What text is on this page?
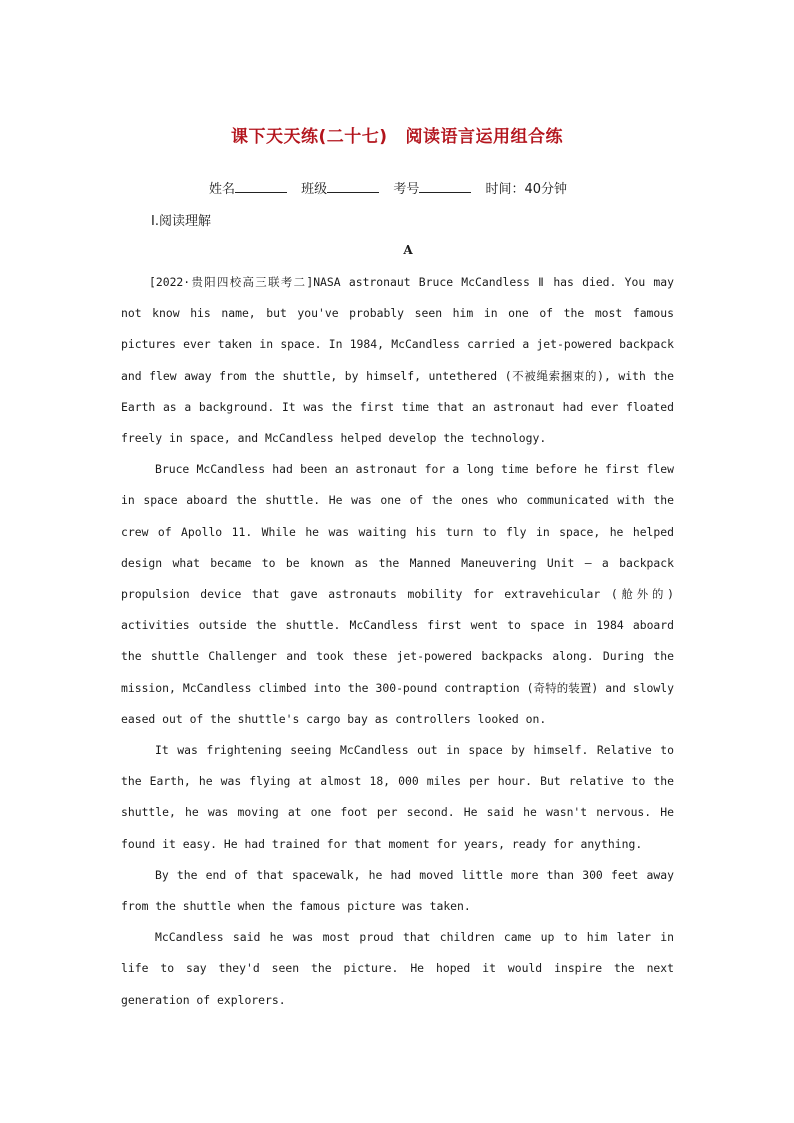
课下天天练(二十七) 阅读语言运用组合练
姓名	班级	考号	时间：40分钟
Ⅰ.阅读理解
A

[2022·贵阳四校高三联考二]NASA astronaut Bruce McCandless Ⅱ has died. You may not know his name, but you've probably seen him in one of the most famous pictures ever taken in space. In 1984, McCandless carried a jet-powered backpack and flew away from the shuttle, by himself, untethered (不被绳索捆束的), with the Earth as a background. It was the first time that an astronaut had ever floated freely in space, and McCandless helped develop the technology.

Bruce McCandless had been an astronaut for a long time before he first flew in space aboard the shuttle. He was one of the ones who communicated with the crew of Apollo 11. While he was waiting his turn to fly in space, he helped design what became to be known as the Manned Maneuvering Unit — a backpack propulsion device that gave astronauts mobility for extravehicular (舱外的) activities outside the shuttle. McCandless first went to space in 1984 aboard the shuttle Challenger and took these jet-powered backpacks along. During the mission, McCandless climbed into the 300-pound contraption (奇特的装置) and slowly eased out of the shuttle's cargo bay as controllers looked on.

It was frightening seeing McCandless out in space by himself. Relative to the Earth, he was flying at almost 18, 000 miles per hour. But relative to the shuttle, he was moving at one foot per second. He said he wasn't nervous. He found it easy. He had trained for that moment for years, ready for anything.

By the end of that spacewalk, he had moved little more than 300 feet away from the shuttle when the famous picture was taken.

McCandless said he was most proud that children came up to him later in life to say they'd seen the picture. He hoped it would inspire the next generation of explorers.
